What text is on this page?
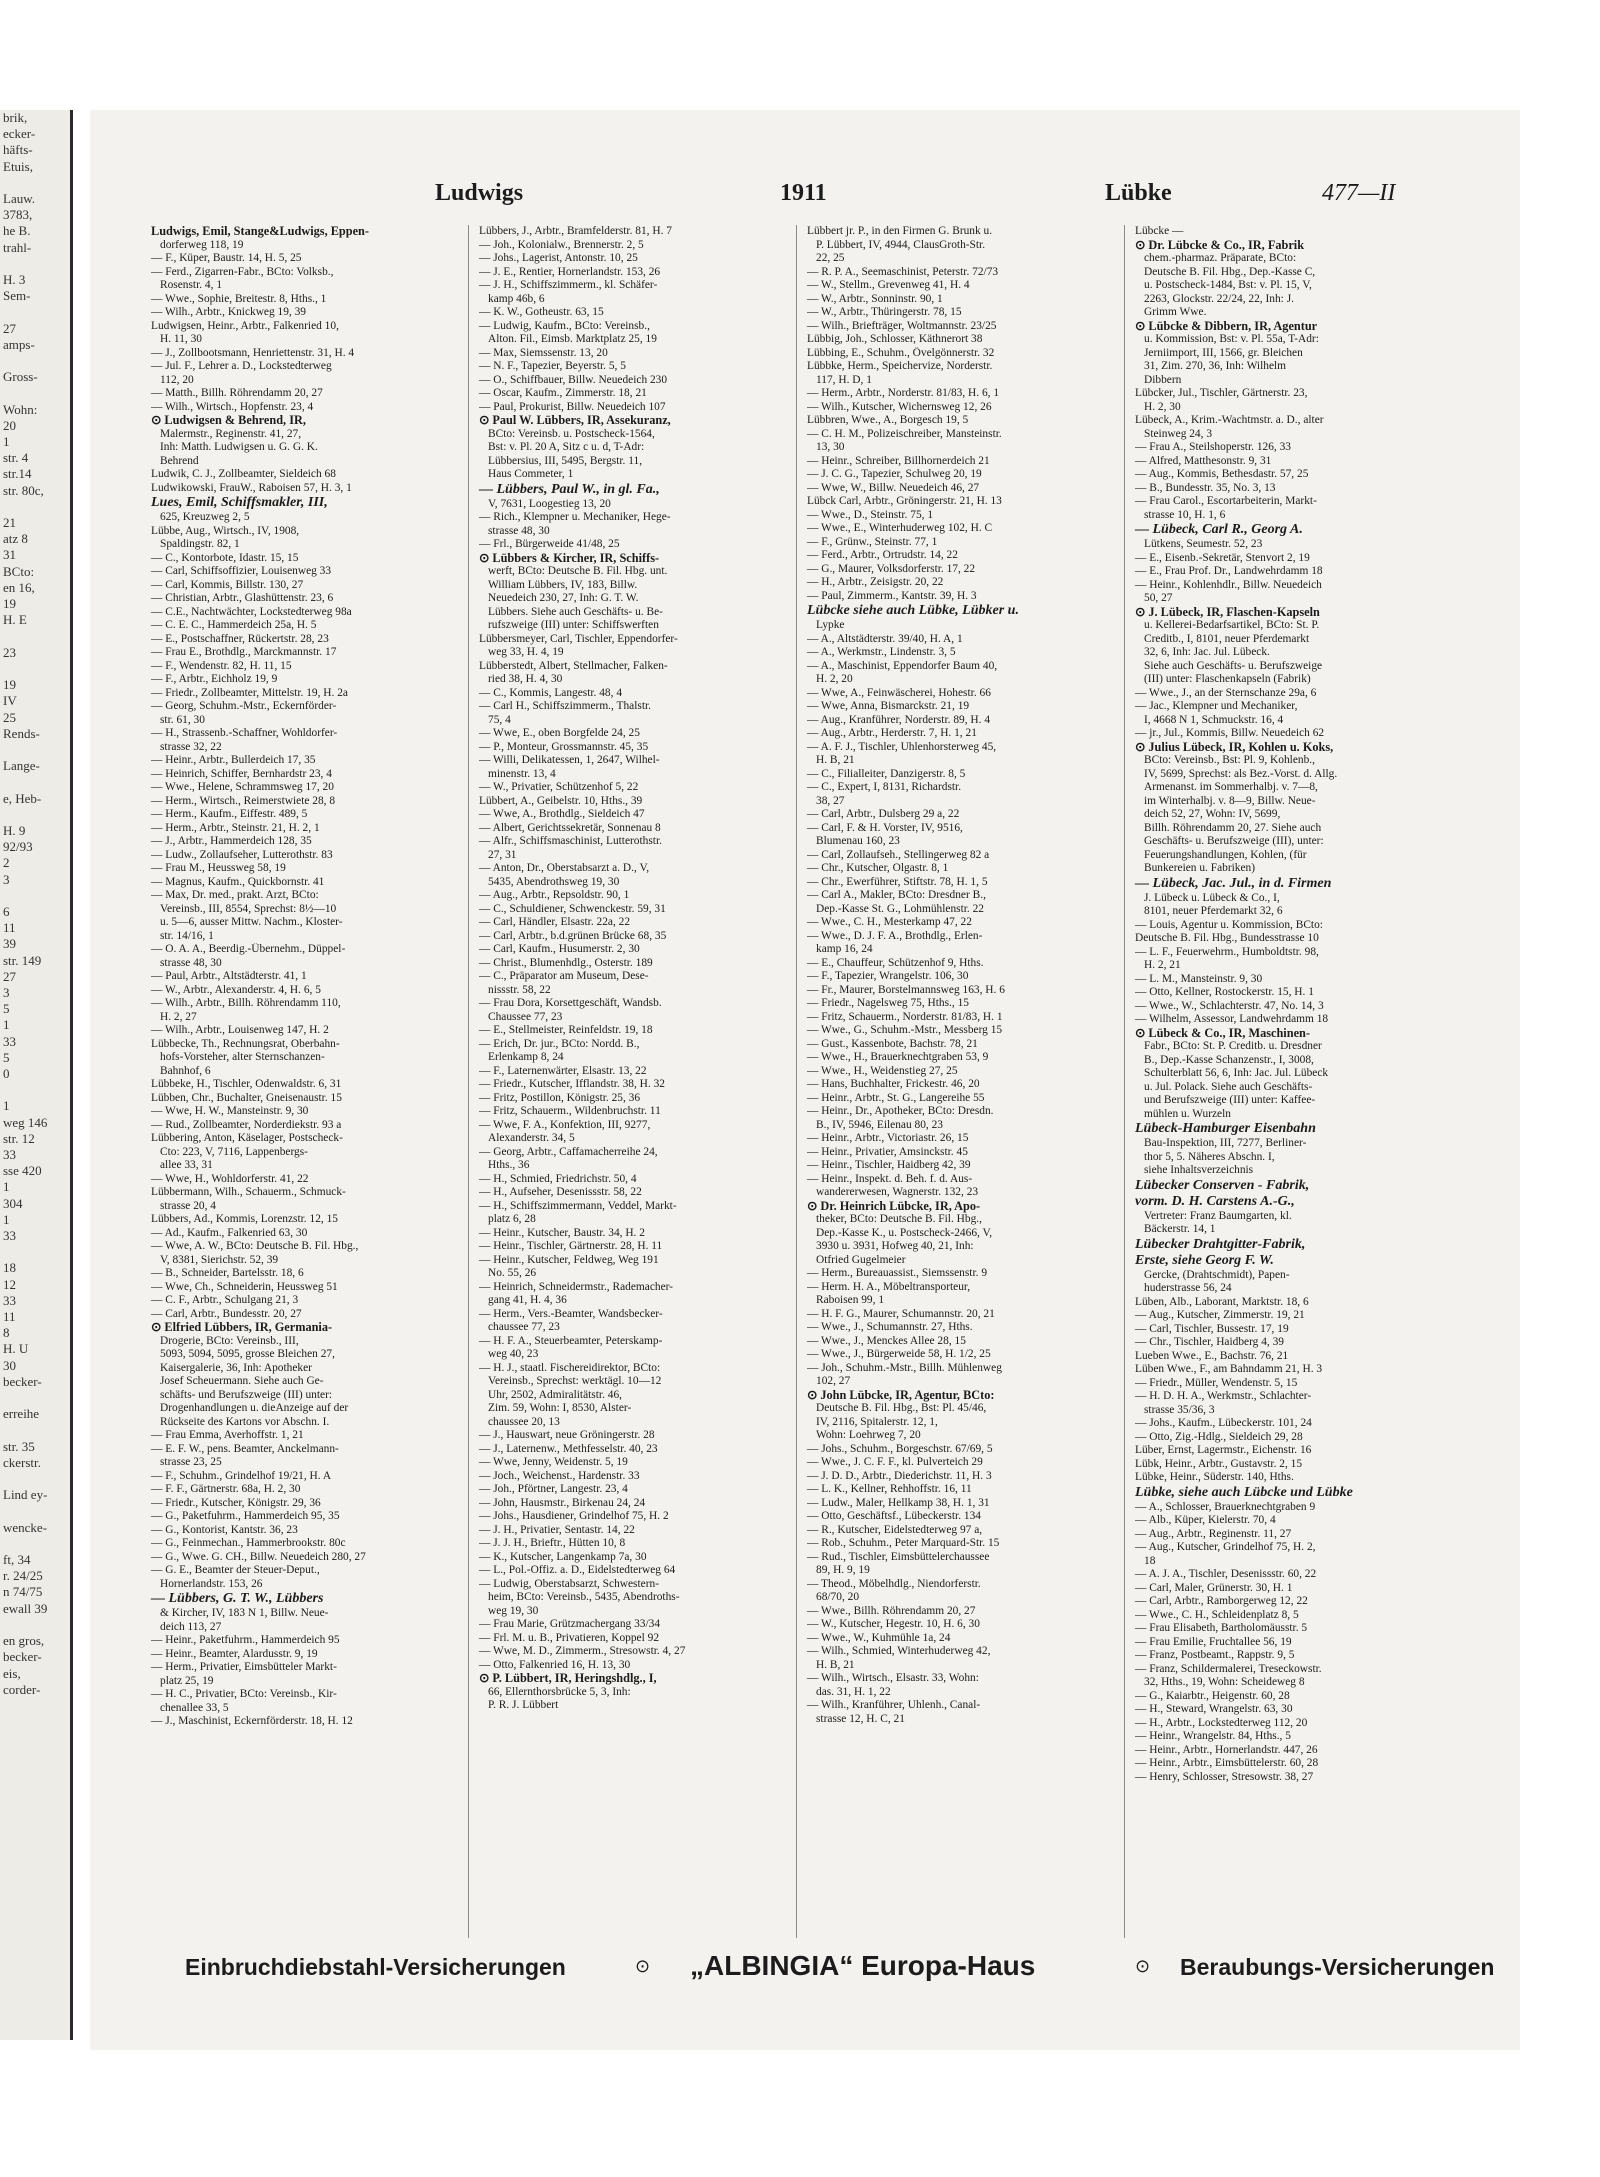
brik,
ecker-
häfts-
Etuis,

Lauw.
3783,
he B.
trahl-

H. 3
Sem-

27
amps-

Gross-

Wohn:
20
1
str. 4
str.14
str. 80c,

21
atz 8
31
BCto:
en 16,
19
H. E

23

19
IV
25
Rends-

Lange-

e, Heb-

H. 9
92/93
2
3

6
11
39
str. 149
27
3
5
1
33
5
0

1
weg 146
str. 12
33
sse 420
1
304
1
33

18
12
33
11
8
H. U
30
becker-

erreihe

str. 35
ckerstr.

Lind ey-

wencke-

ft, 34
r. 24/25
n 74/75
ewall 39

en gros,
becker-
eis,
corder-
Ludwigs	1911	Lübke	477—II
Ludwigs, Emil, Stange&Ludwigs, Eppen-
dorferweg 118, 19
— F., Küper, Baustr. 14, H. 5, 25
— Ferd., Zigarren-Fabr., BCto: Volksb.,
Rosenstr. 4, 1
— Wwe., Sophie, Breitestr. 8, Hths., 1
— Wilh., Arbtr., Knickweg 19, 39
Ludwigsen, Heinr., Arbtr., Falkenried 10,
H. 11, 30
— J., Zollbootsmann, Henriettenstr. 31, H. 4
— Jul. F., Lehrer a. D., Lockstedterweg
112, 20
— Matth., Billh. Röhrendamm 20, 27
— Wilh., Wirtsch., Hopfenstr. 23, 4
⊙ Ludwigsen & Behrend, IR,
Malermstr., Reginenstr. 41, 27,
Inh: Matth. Ludwigsen u. G. G. K.
Behrend
Ludwik, C. J., Zollbeamter, Sieldeich 68
Ludwikowski, FrauW., Raboisen 57, H. 3, 1
Lues, Emil, Schiffsmakler, III,
625, Kreuzweg 2, 5
Lübbe, Aug., Wirtsch., IV, 1908,
Spaldingstr. 82, 1
— C., Kontorbote, Idastr. 15, 15
— Carl, Schiffsoffizier, Louisenweg 33
— Carl, Kommis, Billstr. 130, 27
— Christian, Arbtr., Glashüttenstr. 23, 6
— C.E., Nachtwächter, Lockstedterweg 98a
— C. E. C., Hammerdeich 25a, H. 5
— E., Postschaffner, Rückertstr. 28, 23
— Frau E., Brothdlg., Marckmannstr. 17
— F., Wendenstr. 82, H. 11, 15
— F., Arbtr., Eichholz 19, 9
— Friedr., Zollbeamter, Mittelstr. 19, H. 2a
— Georg, Schuhm.-Mstr., Eckernförder-
str. 61, 30
— H., Strassenb.-Schaffner, Wohldorfer-
strasse 32, 22
— Heinr., Arbtr., Bullerdeich 17, 35
— Heinrich, Schiffer, Bernhardstr 23, 4
— Wwe., Helene, Schrammsweg 17, 20
— Herm., Wirtsch., Reimerstwiete 28, 8
— Herm., Kaufm., Eiffestr. 489, 5
— Herm., Arbtr., Steinstr. 21, H. 2, 1
— J., Arbtr., Hammerdeich 128, 35
— Ludw., Zollaufseher, Lutterothstr. 83
— Frau M., Heussweg 58, 19
— Magnus, Kaufm., Quickbornstr. 41
— Max, Dr. med., prakt. Arzt, BCto:
Vereinsb., III, 8554, Sprechst: 8½—10
u. 5—6, ausser Mittw. Nachm., Kloster-
str. 14/16, 1
— O. A. A., Beerdig.-Übernehm., Düppel-
strasse 48, 30
— Paul, Arbtr., Altstädterstr. 41, 1
— W., Arbtr., Alexanderstr. 4, H. 6, 5
— Wilh., Arbtr., Billh. Röhrendamm 110,
H. 2, 27
— Wilh., Arbtr., Louisenweg 147, H. 2
Lübbecke, Th., Rechnungsrat, Oberbahn-
hofs-Vorsteher, alter Sternschanzen-
Bahnhof, 6
Lübbeke, H., Tischler, Odenwaldstr. 6, 31
Lübben, Chr., Buchalter, Gneisenaustr. 15
— Wwe, H. W., Mansteinstr. 9, 30
— Rud., Zollbeamter, Norderdiekstr. 93 a
Lübbering, Anton, Käselager, Postscheck-
Cto: 223, V, 7116, Lappenbergs-
allee 33, 31
— Wwe, H., Wohldorferstr. 41, 22
Lübbermann, Wilh., Schauerm., Schmuck-
strasse 20, 4
Lübbers, Ad., Kommis, Lorenzstr. 12, 15
— Ad., Kaufm., Falkenried 63, 30
— Wwe, A. W., BCto: Deutsche B. Fil. Hbg.,
V, 8381, Sierichstr. 52, 39
— B., Schneider, Bartelsstr. 18, 6
— Wwe, Ch., Schneiderin, Heussweg 51
— C. F., Arbtr., Schulgang 21, 3
— Carl, Arbtr., Bundesstr. 20, 27
⊙ Elfried Lübbers, IR, Germania-
Drogerie, BCto: Vereinsb., III,
5093, 5094, 5095, grosse Bleichen 27,
Kaisergalerie, 36, Inh: Apotheker
Josef Scheuermann. Siehe auch Ge-
schäfts- und Berufszweige (III) unter:
Drogenhandlungen u. dieAnzeige auf der
Rückseite des Kartons vor Abschn. I.
— Frau Emma, Averhoffstr. 1, 21
— E. F. W., pens. Beamter, Anckelmann-
strasse 23, 25
— F., Schuhm., Grindelhof 19/21, H. A
— F. F., Gärtnerstr. 68a, H. 2, 30
— Friedr., Kutscher, Königstr. 29, 36
— G., Paketfuhrm., Hammerdeich 95, 35
— G., Kontorist, Kantstr. 36, 23
— G., Feinmechan., Hammerbrookstr. 80c
— G., Wwe. G. CH., Billw. Neuedeich 280, 27
— G. E., Beamter der Steuer-Deput.,
Hornerlandstr. 153, 26
— Lübbers, G. T. W., Lübbers
& Kircher, IV, 183 N 1, Billw. Neue-
deich 113, 27
— Heinr., Paketfuhrm., Hammerdeich 95
— Heinr., Beamter, Alardusstr. 9, 19
— Herm., Privatier, Eimsbütteler Markt-
platz 25, 19
— H. C., Privatier, BCto: Vereinsb., Kir-
chenallee 33, 5
— J., Maschinist, Eckernförderstr. 18, H. 12
Lübbers, J., Arbtr., Bramfelderstr. 81, H. 7
— Joh., Kolonialw., Brennerstr. 2, 5
— Johs., Lagerist, Antonstr. 10, 25
— J. E., Rentier, Hornerlandstr. 153, 26
— J. H., Schiffszimmerm., kl. Schäfer-
kamp 46b, 6
— K. W., Gotheustr. 63, 15
— Ludwig, Kaufm., BCto: Vereinsb.,
Alton. Fil., Eimsb. Marktplatz 25, 19
— Max, Siemssenstr. 13, 20
— N. F., Tapezier, Beyerstr. 5, 5
— O., Schiffbauer, Billw. Neuedeich 230
— Oscar, Kaufm., Zimmerstr. 18, 21
— Paul, Prokurist, Billw. Neuedeich 107
⊙ Paul W. Lübbers, IR, Assekuranz,
BCto: Vereinsb. u. Postscheck-1564,
Bst: v. Pl. 20 A, Sitz c u. d, T-Adr:
Lübbersius, III, 5495, Bergstr. 11,
Haus Commeter, 1
— Lübbers, Paul W., in gl. Fa.,
V, 7631, Loogestieg 13, 20
— Rich., Klempner u. Mechaniker, Hege-
strasse 48, 30
— Frl., Bürgerweide 41/48, 25
⊙ Lübbers & Kircher, IR, Schiffs-
werft, BCto: Deutsche B. Fil. Hbg. unt.
William Lübbers, IV, 183, Billw.
Neuedeich 230, 27, Inh: G. T. W.
Lübbers. Siehe auch Geschäfts- u. Be-
rufszweige (III) unter: Schiffswerften
Lübbersmeyer, Carl, Tischler, Eppendorfer-
weg 33, H. 4, 19
Lübberstedt, Albert, Stellmacher, Falken-
ried 38, H. 4, 30
— C., Kommis, Langestr. 48, 4
— Carl H., Schiffszimmerm., Thalstr.
75, 4
— Wwe, E., oben Borgfelde 24, 25
— P., Monteur, Grossmannstr. 45, 35
— Willi, Delikatessen, 1, 2647, Wilhel-
minenstr. 13, 4
— W., Privatier, Schützenhof 5, 22
Lübbert, A., Geibelstr. 10, Hths., 39
— Wwe, A., Brothdlg., Sieldeich 47
— Albert, Gerichtssekretär, Sonnenau 8
— Alfr., Schiffsmaschinist, Lutterothstr.
27, 31
— Anton, Dr., Oberstabsarzt a. D., V,
5435, Abendrothsweg 19, 30
— Aug., Arbtr., Repsoldstr. 90, 1
— C., Schuldiener, Schwenckestr. 59, 31
— Carl, Händler, Elsastr. 22a, 22
— Carl, Arbtr., b.d.grünen Brücke 68, 35
— Carl, Kaufm., Husumerstr. 2, 30
— Christ., Blumenhdlg., Osterstr. 189
— C., Präparator am Museum, Dese-
nissstr. 58, 22
— Frau Dora, Korsettgeschäft, Wandsb.
Chaussee 77, 23
— E., Stellmeister, Reinfeldstr. 19, 18
— Erich, Dr. jur., BCto: Nordd. B.,
Erlenkamp 8, 24
— F., Laternenwärter, Elsastr. 13, 22
— Friedr., Kutscher, Ifflandstr. 38, H. 32
— Fritz, Postillon, Königstr. 25, 36
— Fritz, Schauerm., Wildenbruchstr. 11
— Wwe, F. A., Konfektion, III, 9277,
Alexanderstr. 34, 5
— Georg, Arbtr., Caffamacherreihe 24,
Hths., 36
— H., Schmied, Friedrichstr. 50, 4
— H., Aufseher, Desenissstr. 58, 22
— H., Schiffszimmermann, Veddel, Markt-
platz 6, 28
— Heinr., Kutscher, Baustr. 34, H. 2
— Heinr., Tischler, Gärtnerstr. 28, H. 11
— Heinr., Kutscher, Feldweg, Weg 191
No. 55, 26
— Heinrich, Schneidermstr., Rademacher-
gang 41, H. 4, 36
— Herm., Vers.-Beamter, Wandsbecker-
chaussee 77, 23
— H. F. A., Steuerbeamter, Peterskamp-
weg 40, 23
— H. J., staatl. Fischereidirektor, BCto:
Vereinsb., Sprechst: werktägl. 10—12
Uhr, 2502, Admiralitätstr. 46,
Zim. 59, Wohn: I, 8530, Alster-
chaussee 20, 13
— J., Hauswart, neue Gröningerstr. 28
— J., Laternenw., Methfesselstr. 40, 23
— Wwe, Jenny, Weidenstr. 5, 19
— Joch., Weichenst., Hardenstr. 33
— Joh., Pförtner, Langestr. 23, 4
— John, Hausmstr., Birkenau 24, 24
— Johs., Hausdiener, Grindelhof 75, H. 2
— J. H., Privatier, Sentastr. 14, 22
— J. J. H., Brieftr., Hütten 10, 8
— K., Kutscher, Langenkamp 7a, 30
— L., Pol.-Offiz. a. D., Eidelstedterweg 64
— Ludwig, Oberstabsarzt, Schwestern-
heim, BCto: Vereinsb., 5435, Abendroths-
weg 19, 30
— Frau Marie, Grützmachergang 33/34
— Frl. M. u. B., Privatieren, Koppel 92
— Wwe, M. D., Zimmerm., Stresowstr. 4, 27
— Otto, Falkenried 16, H. 13, 30
⊙ P. Lübbert, IR, Heringshdlg., I,
66, Ellernthorsbrücke 5, 3, Inh:
P. R. J. Lübbert
Lübbert jr. P., in den Firmen G. Brunk u.
P. Lübbert, IV, 4944, ClausGroth-Str.
22, 25
— R. P. A., Seemaschinist, Peterstr. 72/73
— W., Stellm., Grevenweg 41, H. 4
— W., Arbtr., Sonninstr. 90, 1
— W., Arbtr., Thüringerstr. 78, 15
— Wilh., Briefträger, Woltmannstr. 23/25
Lübbig, Joh., Schlosser, Käthnerort 38
Lübbing, E., Schuhm., Övelgönnerstr. 32
Lübbke, Herm., Speichervize, Norderstr.
117, H. D, 1
— Herm., Arbtr., Norderstr. 81/83, H. 6, 1
— Wilh., Kutscher, Wichernsweg 12, 26
Lübbren, Wwe., A., Borgesch 19, 5
— C. H. M., Polizeischreiber, Mansteinstr.
13, 30
— Heinr., Schreiber, Billhornerdeich 21
— J. C. G., Tapezier, Schulweg 20, 19
— Wwe, W., Billw. Neuedeich 46, 27
Lübck Carl, Arbtr., Gröningerstr. 21, H. 13
— Wwe., D., Steinstr. 75, 1
— Wwe., E., Winterhuderweg 102, H. C
— F., Grünw., Steinstr. 77, 1
— Ferd., Arbtr., Ortrudstr. 14, 22
— G., Maurer, Volksdorferstr. 17, 22
— H., Arbtr., Zeisigstr. 20, 22
— Paul, Zimmerm., Kantstr. 39, H. 3
Lübcke siehe auch Lübke, Lübker u.
Lypke
— A., Altstädterstr. 39/40, H. A, 1
— A., Werkmstr., Lindenstr. 3, 5
— A., Maschinist, Eppendorfer Baum 40,
H. 2, 20
— Wwe, A., Feinwäscherei, Hohestr. 66
— Wwe, Anna, Bismarckstr. 21, 19
— Aug., Kranführer, Norderstr. 89, H. 4
— Aug., Arbtr., Herderstr. 7, H. 1, 21
— A. F. J., Tischler, Uhlenhorsterweg 45,
H. B, 21
— C., Filialleiter, Danzigerstr. 8, 5
— C., Expert, I, 8131, Richardstr.
38, 27
— Carl, Arbtr., Dulsberg 29 a, 22
— Carl, F. & H. Vorster, IV, 9516,
Blumenau 160, 23
— Carl, Zollaufseh., Stellingerweg 82 a
— Chr., Kutscher, Olgastr. 8, 1
— Chr., Ewerführer, Stiftstr. 78, H. 1, 5
— Carl A., Makler, BCto: Dresdner B.,
Dep.-Kasse St. G., Lohmühlenstr. 22
— Wwe., C. H., Mesterkamp 47, 22
— Wwe., D. J. F. A., Brothdlg., Erlen-
kamp 16, 24
— E., Chauffeur, Schützenhof 9, Hths.
— F., Tapezier, Wrangelstr. 106, 30
— Fr., Maurer, Borstelmannsweg 163, H. 6
— Friedr., Nagelsweg 75, Hths., 15
— Fritz, Schauerm., Norderstr. 81/83, H. 1
— Wwe., G., Schuhm.-Mstr., Messberg 15
— Gust., Kassenbote, Bachstr. 78, 21
— Wwe., H., Brauerknechtgraben 53, 9
— Wwe., H., Weidenstieg 27, 25
— Hans, Buchhalter, Frickestr. 46, 20
— Heinr., Arbtr., St. G., Langereihe 55
— Heinr., Dr., Apotheker, BCto: Dresdn.
B., IV, 5946, Eilenau 80, 23
— Heinr., Arbtr., Victoriastr. 26, 15
— Heinr., Privatier, Amsinckstr. 45
— Heinr., Tischler, Haidberg 42, 39
— Heinr., Inspekt. d. Beh. f. d. Aus-
wandererwesen, Wagnerstr. 132, 23
⊙ Dr. Heinrich Lübcke, IR, Apo-
theker, BCto: Deutsche B. Fil. Hbg.,
Dep.-Kasse K., u. Postscheck-2466, V,
3930 u. 3931, Hofweg 40, 21, Inh:
Otfried Gugelmeier
— Herm., Bureauassist., Siemssenstr. 9
— Herm. H. A., Möbeltransporteur,
Raboisen 99, 1
— H. F. G., Maurer, Schumannstr. 20, 21
— Wwe., J., Schumannstr. 27, Hths.
— Wwe., J., Menckes Allee 28, 15
— Wwe., J., Bürgerweide 58, H. 1/2, 25
— Joh., Schuhm.-Mstr., Billh. Mühlenweg
102, 27
⊙ John Lübcke, IR, Agentur, BCto:
Deutsche B. Fil. Hbg., Bst: Pl. 45/46,
IV, 2116, Spitalerstr. 12, 1,
Wohn: Loehrweg 7, 20
— Johs., Schuhm., Borgeschstr. 67/69, 5
— Wwe., J. C. F. F., kl. Pulverteich 29
— J. D. D., Arbtr., Diederichstr. 11, H. 3
— L. K., Kellner, Rehhoffstr. 16, 11
— Ludw., Maler, Hellkamp 38, H. 1, 31
— Otto, Geschäftsf., Lübeckerstr. 134
— R., Kutscher, Eidelstedterweg 97 a,
— Rob., Schuhm., Peter Marquard-Str. 15
— Rud., Tischler, Eimsbüttelerchaussee
89, H. 9, 19
— Theod., Möbelhdlg., Niendorferstr.
68/70, 20
— Wwe., Billh. Röhrendamm 20, 27
— W., Kutscher, Hegestr. 10, H. 6, 30
— Wwe., W., Kuhmühle 1a, 24
— Wilh., Schmied, Winterhuderweg 42,
H. B, 21
— Wilh., Wirtsch., Elsastr. 33, Wohn:
das. 31, H. 1, 22
— Wilh., Kranführer, Uhlenh., Canal-
strasse 12, H. C, 21
Lübcke —
⊙ Dr. Lübcke & Co., IR, Fabrik
chem.-pharmaz. Präparate, BCto:
Deutsche B. Fil. Hbg., Dep.-Kasse C,
u. Postscheck-1484, Bst: v. Pl. 15, V,
2263, Glockstr. 22/24, 22, Inh: J.
Grimm Wwe.
⊙ Lübcke & Dibbern, IR, Agentur
u. Kommission, Bst: v. Pl. 55a, T-Adr:
Jerniimport, III, 1566, gr. Bleichen
31, Zim. 270, 36, Inh: Wilhelm
Dibbern
Lübcker, Jul., Tischler, Gärtnerstr. 23,
H. 2, 30
Lübeck, A., Krim.-Wachtmstr. a. D., alter
Steinweg 24, 3
— Frau A., Steilshoperstr. 126, 33
— Alfred, Matthesonstr. 9, 31
— Aug., Kommis, Bethesdastr. 57, 25
— B., Bundesstr. 35, No. 3, 13
— Frau Carol., Escortarbeiterin, Markt-
strasse 10, H. 1, 6
— Lübeck, Carl R., Georg A.
Lütkens, Seumestr. 52, 23
— E., Eisenb.-Sekretär, Stenvort 2, 19
— E., Frau Prof. Dr., Landwehrdamm 18
— Heinr., Kohlenhdlr., Billw. Neuedeich
50, 27
⊙ J. Lübeck, IR, Flaschen-Kapseln
u. Kellerei-Bedarfsartikel, BCto: St. P.
Creditb., I, 8101, neuer Pferdemarkt
32, 6, Inh: Jac. Jul. Lübeck.
Siehe auch Geschäfts- u. Berufszweige
(III) unter: Flaschenkapseln (Fabrik)
— Wwe., J., an der Sternschanze 29a, 6
— Jac., Klempner und Mechaniker,
I, 4668 N 1, Schmuckstr. 16, 4
— jr., Jul., Kommis, Billw. Neuedeich 62
⊙ Julius Lübeck, IR, Kohlen u. Koks,
BCto: Vereinsb., Bst: Pl. 9, Kohlenb.,
IV, 5699, Sprechst: als Bez.-Vorst. d. Allg.
Armenanst. im Sommerhalbj. v. 7—8,
im Winterhalbj. v. 8—9, Billw. Neue-
deich 52, 27, Wohn: IV, 5699,
Billh. Röhrendamm 20, 27. Siehe auch
Geschäfts- u. Berufszweige (III), unter:
Feuerungshandlungen, Kohlen, (für
Bunkereien u. Fabriken)
— Lübeck, Jac. Jul., in d. Firmen
J. Lübeck u. Lübeck & Co., I,
8101, neuer Pferdemarkt 32, 6
— Louis, Agentur u. Kommission, BCto:
Deutsche B. Fil. Hbg., Bundesstrasse 10
— L. F., Feuerwehrm., Humboldtstr. 98,
H. 2, 21
— L. M., Mansteinstr. 9, 30
— Otto, Kellner, Rostockerstr. 15, H. 1
— Wwe., W., Schlachterstr. 47, No. 14, 3
— Wilhelm, Assessor, Landwehrdamm 18
⊙ Lübeck & Co., IR, Maschinen-
Fabr., BCto: St. P. Creditb. u. Dresdner
B., Dep.-Kasse Schanzenstr., I, 3008,
Schulterblatt 56, 6, Inh: Jac. Jul. Lübeck
u. Jul. Polack. Siehe auch Geschäfts-
und Berufszweige (III) unter: Kaffee-
mühlen u. Wurzeln
Lübeck-Hamburger Eisenbahn
Bau-Inspektion, III, 7277, Berliner-
thor 5, 5. Näheres Abschn. I,
siehe Inhaltsverzeichnis
Lübecker Conserven - Fabrik,
vorm. D. H. Carstens A.-G.,
Vertreter: Franz Baumgarten, kl.
Bäckerstr. 14, 1
Lübecker Drahtgitter-Fabrik,
Erste, siehe Georg F. W.
Gercke, (Drahtschmidt), Papen-
huderstrasse 56, 24
Lüben, Alb., Laborant, Marktstr. 18, 6
— Aug., Kutscher, Zimmerstr. 19, 21
— Carl, Tischler, Bussestr. 17, 19
— Chr., Tischler, Haidberg 4, 39
Lueben Wwe., E., Bachstr. 76, 21
Lüben Wwe., F., am Bahndamm 21, H. 3
— Friedr., Müller, Wendenstr. 5, 15
— H. D. H. A., Werkmstr., Schlachter-
strasse 35/36, 3
— Johs., Kaufm., Lübeckerstr. 101, 24
— Otto, Zig.-Hdlg., Sieldeich 29, 28
Lüber, Ernst, Lagermstr., Eichenstr. 16
Lübk, Heinr., Arbtr., Gustavstr. 2, 15
Lübke, Heinr., Süderstr. 140, Hths.
Lübke, siehe auch Lübcke und Lübke
— A., Schlosser, Brauerknechtgraben 9
— Alb., Küper, Kielerstr. 70, 4
— Aug., Arbtr., Reginenstr. 11, 27
— Aug., Kutscher, Grindelhof 75, H. 2,
18
— A. J. A., Tischler, Desenissstr. 60, 22
— Carl, Maler, Grünerstr. 30, H. 1
— Carl, Arbtr., Ramborgerweg 12, 22
— Wwe., C. H., Schleidenplatz 8, 5
— Frau Elisabeth, Bartholomäusstr. 5
— Frau Emilie, Fruchtallee 56, 19
— Franz, Postbeamt., Rappstr. 9, 5
— Franz, Schildermalerei, Treseckowstr.
32, Hths., 19, Wohn: Scheideweg 8
— G., Kaiarbtr., Heigenstr. 60, 28
— H., Steward, Wrangelstr. 63, 30
— H., Arbtr., Lockstedterweg 112, 20
— Heinr., Wrangelstr. 84, Hths., 5
— Heinr., Arbtr., Hornerlandstr. 447, 26
— Heinr., Arbtr., Eimsbüttelerstr. 60, 28
— Henry, Schlosser, Stresowstr. 38, 27
Einbruchdiebstahl-Versicherungen	⊙ „ALBINGIA“ Europa-Haus	⊙ Beraubungs-Versicherungen
